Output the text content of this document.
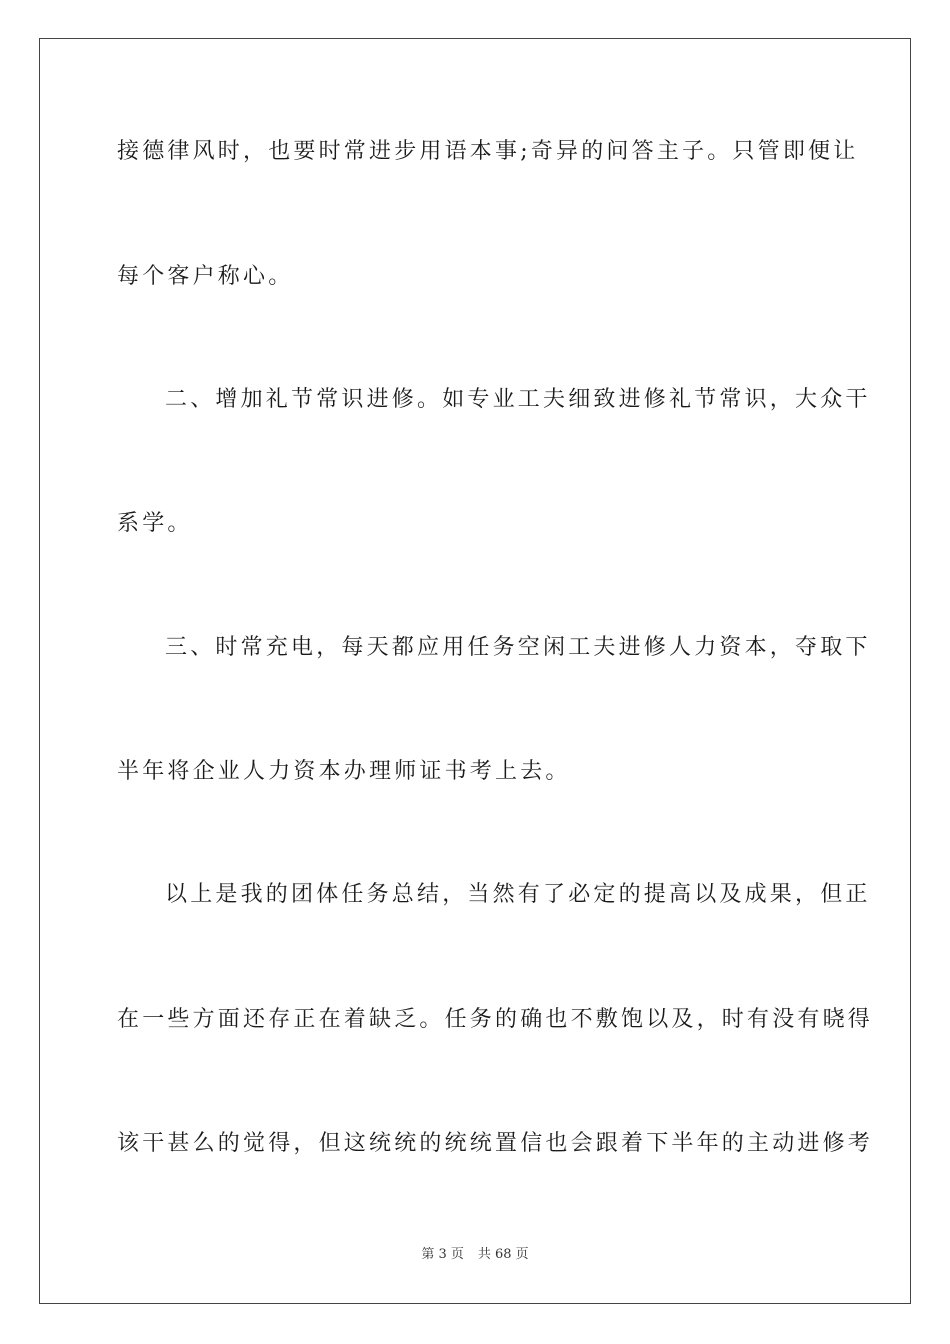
接德律风时，也要时常进步用语本事;奇异的问答主子。只管即便让

每个客户称心。

二、增加礼节常识进修。如专业工夫细致进修礼节常识，大众干

系学。

三、时常充电，每天都应用任务空闲工夫进修人力资本，夺取下

半年将企业人力资本办理师证书考上去。

以上是我的团体任务总结，当然有了必定的提高以及成果，但正

在一些方面还存正在着缺乏。任务的确也不敷饱以及，时有没有晓得

该干甚么的觉得，但这统统的统统置信也会跟着下半年的主动进修考

第 3 页 共 68 页
